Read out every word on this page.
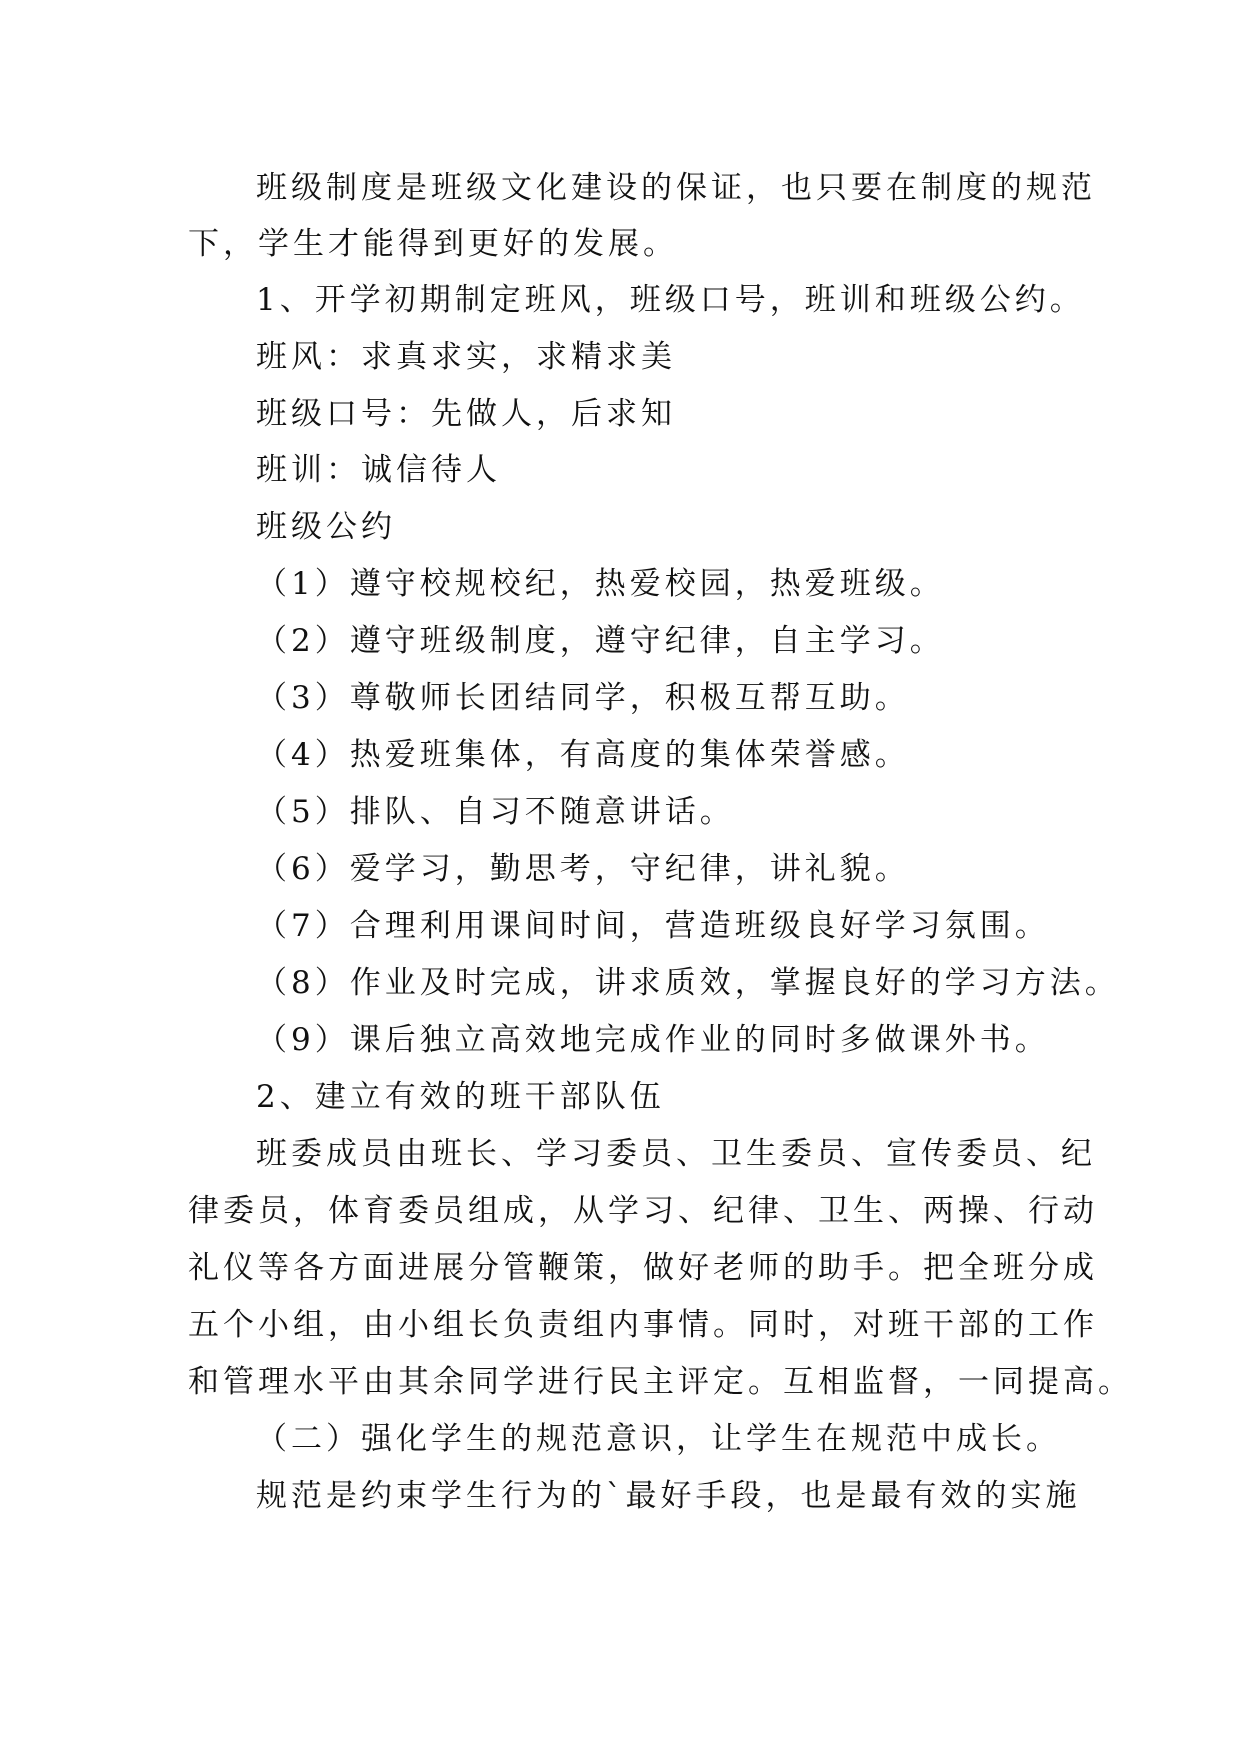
班级制度是班级文化建设的保证，也只要在制度的规范
下，学生才能得到更好的发展。
1、开学初期制定班风，班级口号，班训和班级公约。
班风：求真求实，求精求美
班级口号：先做人，后求知
班训：诚信待人
班级公约
（1）遵守校规校纪，热爱校园，热爱班级。
（2）遵守班级制度，遵守纪律，自主学习。
（3）尊敬师长团结同学，积极互帮互助。
（4）热爱班集体，有高度的集体荣誉感。
（5）排队、自习不随意讲话。
（6）爱学习，勤思考，守纪律，讲礼貌。
（7）合理利用课间时间，营造班级良好学习氛围。
（8）作业及时完成，讲求质效，掌握良好的学习方法。
（9）课后独立高效地完成作业的同时多做课外书。
2、建立有效的班干部队伍
班委成员由班长、学习委员、卫生委员、宣传委员、纪
律委员，体育委员组成，从学习、纪律、卫生、两操、行动
礼仪等各方面进展分管鞭策，做好老师的助手。把全班分成
五个小组，由小组长负责组内事情。同时，对班干部的工作
和管理水平由其余同学进行民主评定。互相监督，一同提高。
（二）强化学生的规范意识，让学生在规范中成长。
规范是约束学生行为的`最好手段，也是最有效的实施
